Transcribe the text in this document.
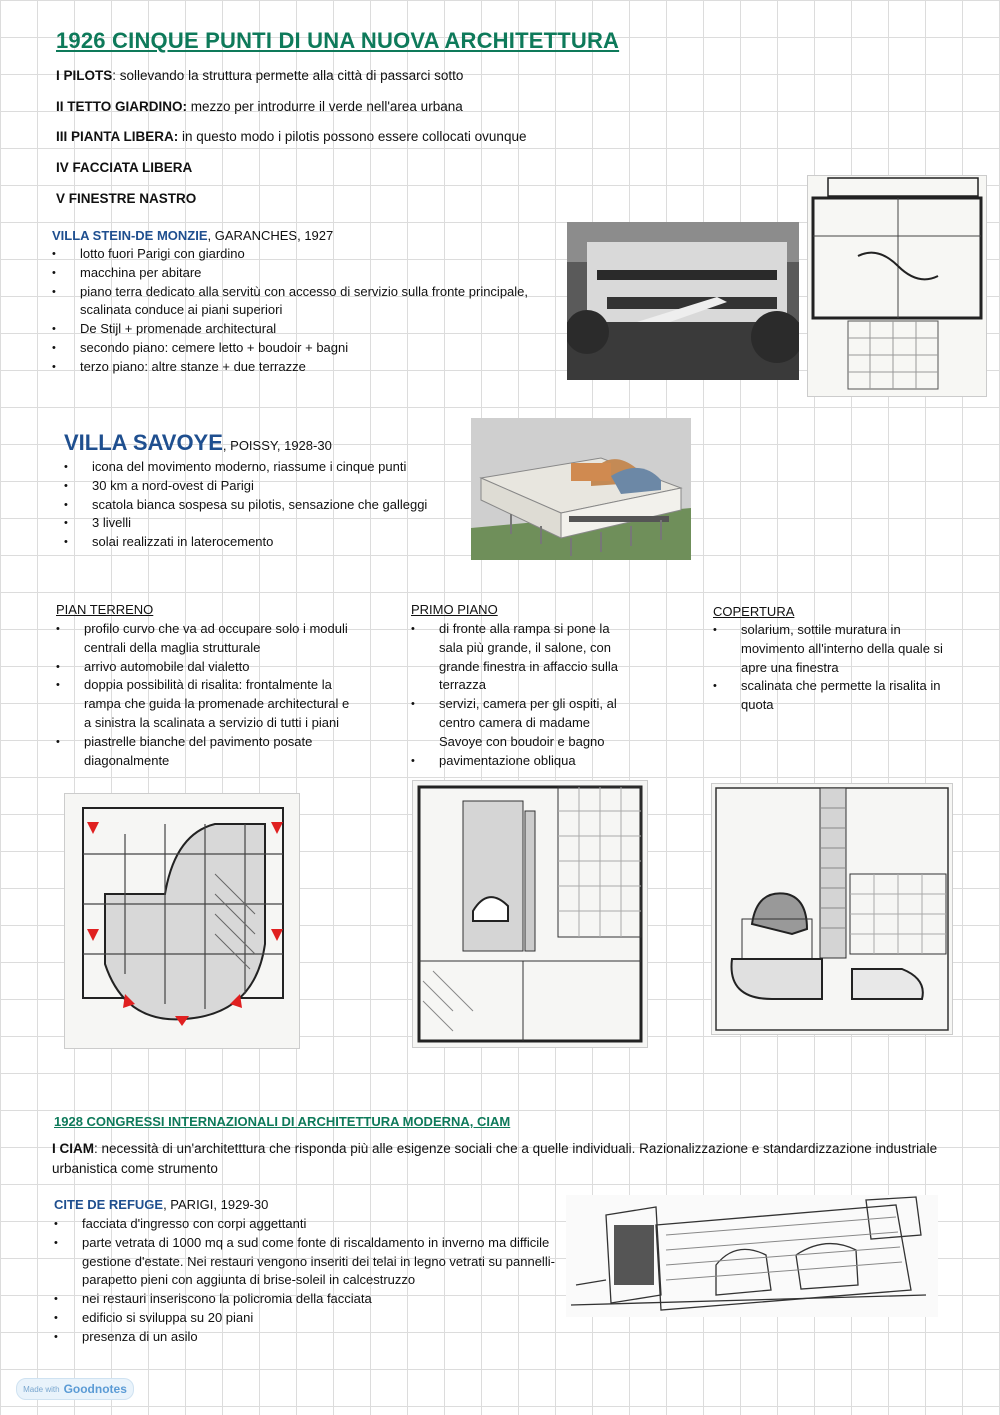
1926 CINQUE PUNTI DI UNA NUOVA ARCHITETTURA
I PILOTS: sollevando la struttura permette alla città di passarci sotto
II TETTO GIARDINO: mezzo per introdurre il verde nell'area urbana
III PIANTA LIBERA: in questo modo i pilotis possono essere collocati ovunque
IV FACCIATA LIBERA
V FINESTRE NASTRO
VILLA STEIN-DE MONZIE, GARANCHES, 1927
• lotto fuori Parigi con giardino
• macchina per abitare
• piano terra dedicato alla servitù con accesso di servizio sulla fronte principale, scalinata conduce ai piani superiori
• De Stijl + promenade architectural
• secondo piano: cemere letto + boudoir + bagni
• terzo piano: altre stanze + due terrazze
VILLA SAVOYE, POISSY, 1928-30
• icona del movimento moderno, riassume i cinque punti
• 30 km a nord-ovest di Parigi
• scatola bianca sospesa su pilotis, sensazione che galleggi
• 3 livelli
• solai realizzati in laterocemento
PIAN TERRENO
• profilo curvo che va ad occupare solo i moduli centrali della maglia strutturale
• arrivo automobile dal vialetto
• doppia possibilità di risalita: frontalmente la rampa che guida la promenade architectural e a sinistra la scalinata a servizio di tutti i piani
• piastrelle bianche del pavimento posate diagonalmente
PRIMO PIANO
• di fronte alla rampa si pone la sala più grande, il salone, con grande finestra in affaccio sulla terrazza
• servizi, camera per gli ospiti, al centro camera di madame Savoye con boudoir e bagno
• pavimentazione obliqua
COPERTURA
• solarium, sottile muratura in movimento all'interno della quale si apre una finestra
• scalinata che permette la risalita in quota
1928 CONGRESSI INTERNAZIONALI DI ARCHITETTURA MODERNA, CIAM
I CIAM: necessità di un'architetttura che risponda più alle esigenze sociali che a quelle individuali. Razionalizzazione e standardizzazione industriale urbanistica come strumento
CITE DE REFUGE, PARIGI, 1929-30
• facciata d'ingresso con corpi aggettanti
• parte vetrata di 1000 mq a sud come fonte di riscaldamento in inverno ma difficile gestione d'estate. Nei restauri vengono inseriti dei telai in legno vetrati su pannelli-parapetto pieni con aggiunta di brise-soleil in calcestruzzo
• nei restauri inseriscono la policromia della facciata
• edificio si sviluppa su 20 piani
• presenza di un asilo
Made with Goodnotes
